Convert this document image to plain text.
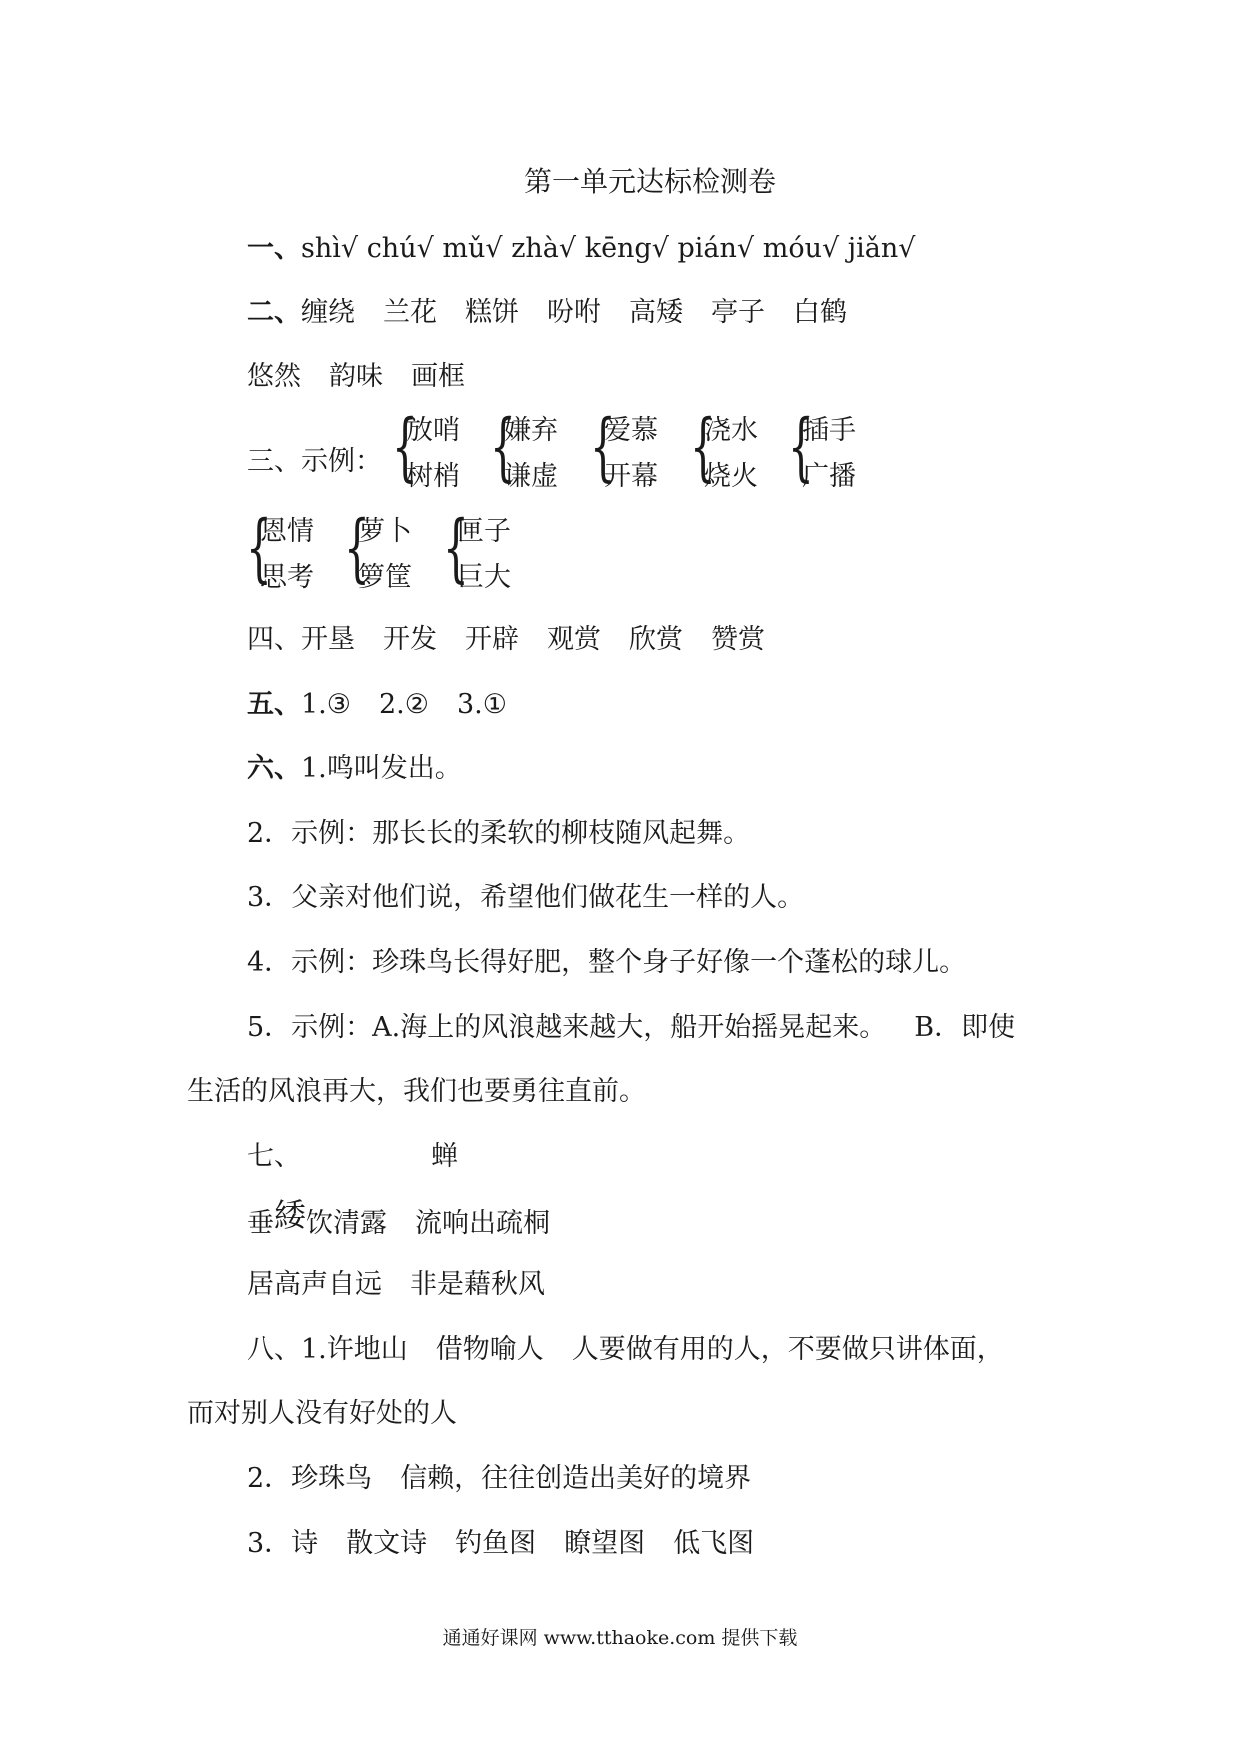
第一单元达标检测卷
一、shì√ chú√ mǔ√ zhà√ kēng√ pián√ móu√ jiǎn√
二、缠绕 兰花 糕饼 吩咐 高矮 亭子 白鹤
悠然 韵味 画框
三、示例： {
放哨
树梢 {
嫌弃
谦虚 {
爱慕
开幕 {
浇水
烧火 {
插手
广播
{
恩情
思考 {
萝卜
箩筐 {
匣子
巨大
四、开垦 开发 开辟 观赏 欣赏 赞赏
五、1.③ 2.② 3.①
六、1.鸣叫发出。
2．示例：那长长的柔软的柳枝随风起舞。
3．父亲对他们说，希望他们做花生一样的人。
4．示例：珍珠鸟长得好肥，整个身子好像一个蓬松的球儿。
5．示例：A.海上的风浪越来越大，船开始摇晃起来。 B．即使
生活的风浪再大，我们也要勇往直前。
七、	蝉
垂緌饮清露 流响出疏桐
居高声自远 非是藉秋风
八、1.许地山 借物喻人 人要做有用的人，不要做只讲体面，
而对别人没有好处的人
2．珍珠鸟 信赖，往往创造出美好的境界
3．诗 散文诗 钓鱼图 瞭望图 低飞图
通通好课网 www.tthaoke.com 提供下载
